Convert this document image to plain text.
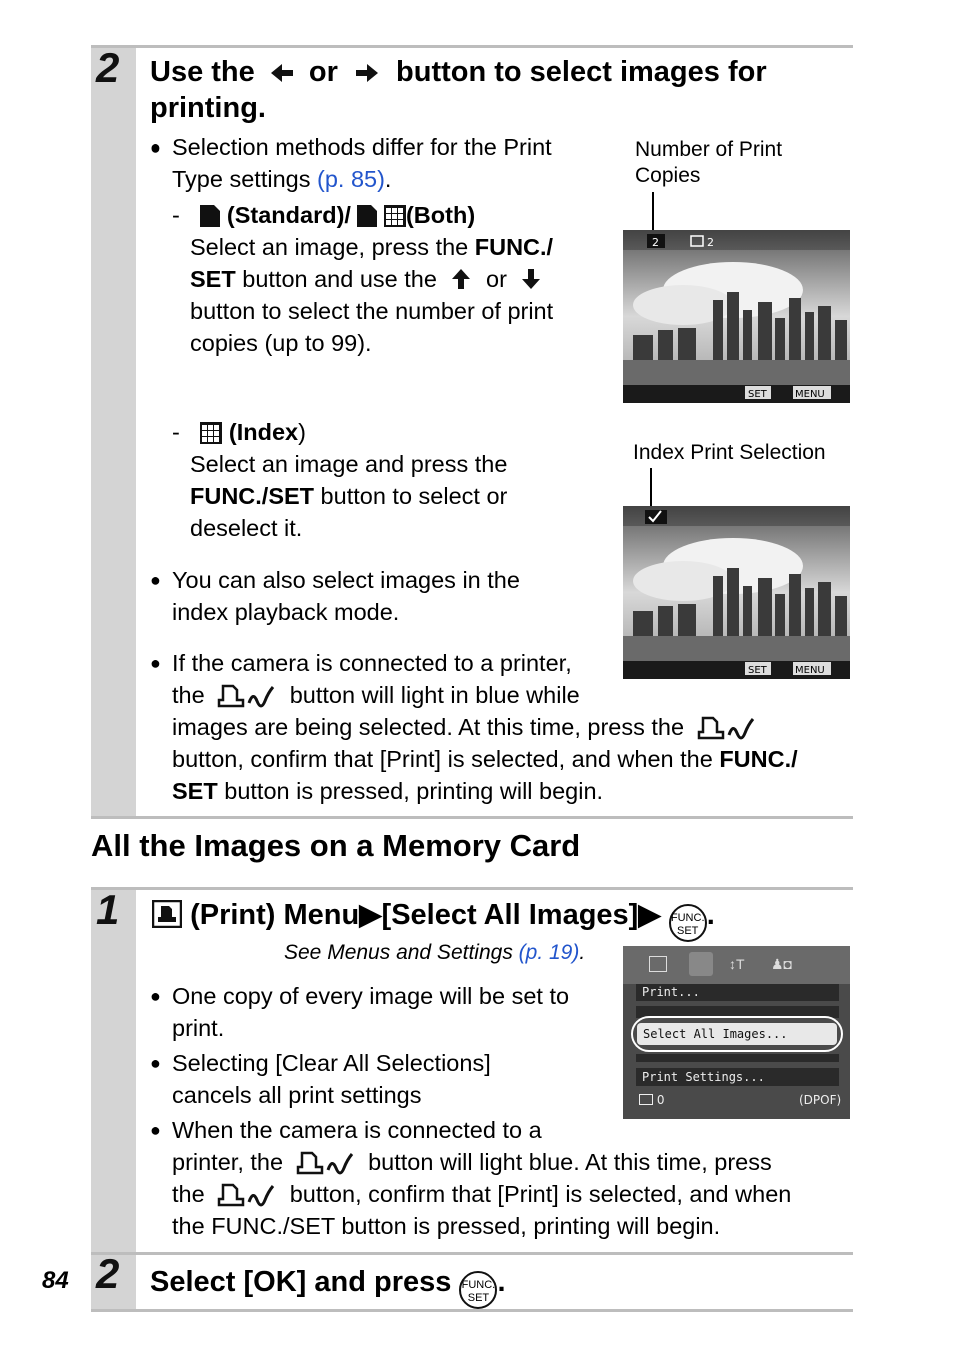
2 Use the or button to select images for
printing.
● Selection methods differ for the Print
Type settings (p. 85).
-  (Standard)/ (Both)
Select an image, press the FUNC./
SET button and use the or
button to select the number of print
copies (up to 99).
-  (Index)
Select an image and press the
FUNC./SET button to select or
deselect it.
● You can also select images in the
index playback mode.
● If the camera is connected to a printer,
the	button will light in blue while
images are being selected. At this time, press the
button, confirm that [Print] is selected, and when the FUNC./
SET button is pressed, printing will begin.
Number of Print
Copies
2	2
SET	MENU
Index Print Selection
SET	MENU
All the Images on a Memory Card
1	(Print) Menu▶[Select All Images]▶ FUNC.
SET .
See Menus and Settings (p. 19).
● One copy of every image will be set to
print.
● Selecting [Clear All Selections]
cancels all print settings
● When the camera is connected to a
printer, the	button will light blue. At this time, press
the	button, confirm that [Print] is selected, and when
the FUNC./SET button is pressed, printing will begin.
↕T ♟◘
Print...
Select All Images...
Print Settings...
0	(DPOF)
2
84	Select [OK] and press FUNC.
SET .
